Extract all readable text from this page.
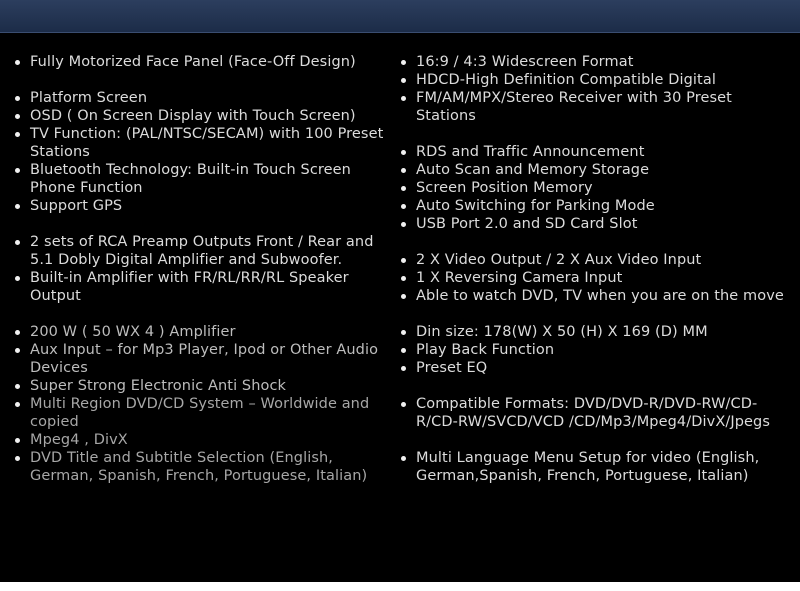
Fully Motorized Face Panel (Face-Off Design)
Platform Screen
OSD ( On Screen Display with Touch Screen)
TV Function: (PAL/NTSC/SECAM) with 100 Preset Stations
Bluetooth Technology: Built-in Touch Screen Phone Function
Support GPS
2 sets of RCA Preamp Outputs Front / Rear and 5.1 Dobly Digital Amplifier and Subwoofer.
Built-in Amplifier with FR/RL/RR/RL Speaker Output
200 W ( 50 WX 4 ) Amplifier
Aux Input – for Mp3 Player, Ipod or Other Audio Devices
Super Strong Electronic Anti Shock
Multi Region DVD/CD System – Worldwide and copied
Mpeg4 , DivX
DVD Title and Subtitle Selection (English, German, Spanish, French, Portuguese, Italian)
16:9 / 4:3 Widescreen Format
HDCD-High Definition Compatible Digital
FM/AM/MPX/Stereo Receiver with 30 Preset Stations
RDS and Traffic Announcement
Auto Scan and Memory Storage
Screen Position Memory
Auto Switching for Parking Mode
USB Port 2.0 and SD Card Slot
2 X Video Output / 2 X Aux Video Input
1 X Reversing Camera Input
Able to watch DVD, TV when you are on the move
Din size: 178(W) X 50 (H) X 169 (D) MM
Play Back Function
Preset EQ
Compatible Formats: DVD/DVD-R/DVD-RW/CD-R/CD-RW/SVCD/VCD /CD/Mp3/Mpeg4/DivX/Jpegs
Multi Language Menu Setup for video (English, German,Spanish, French, Portuguese, Italian)
